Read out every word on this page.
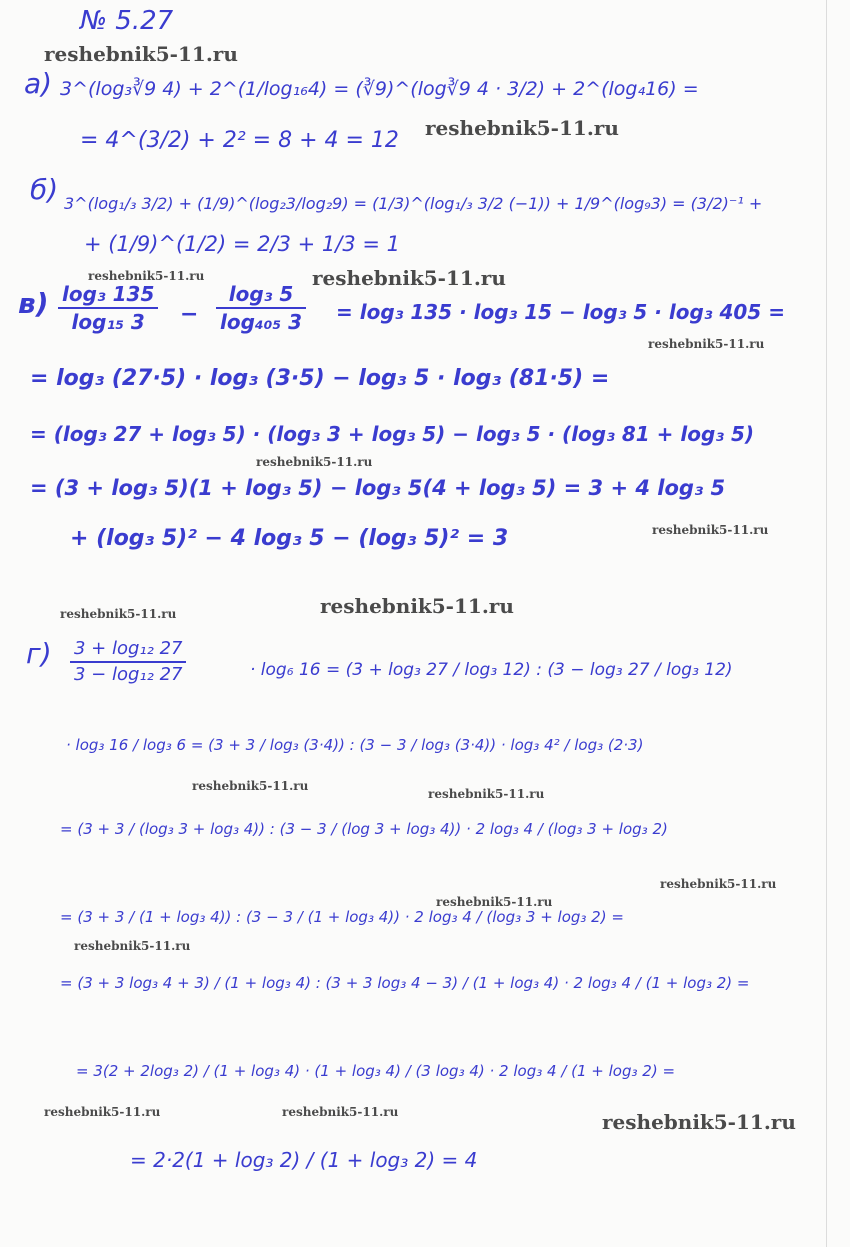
№ 5.27
reshebnik5-11.ru
reshebnik5-11.ru
reshebnik5-11.ru	reshebnik5-11.ru
reshebnik5-11.ru
reshebnik5-11.ru
reshebnik5-11.ru
reshebnik5-11.ru	reshebnik5-11.ru
reshebnik5-11.ru
reshebnik5-11.ru
reshebnik5-11.ru
reshebnik5-11.ru
reshebnik5-11.ru
reshebnik5-11.ru	reshebnik5-11.ru	reshebnik5-11.ru
а) 3^(log₃∛9 4) + 2^(1/log₁₆4) = (∛9)^(log∛9 4 · 3/2) + 2^(log₄16) =
= 4^(3/2) + 2² = 8 + 4 = 12
б) 3^(log₁/₃ 3/2) + (1/9)^(log₂3/log₂9) = (1/3)^(log₁/₃ 3/2 (−1)) + 1/9^(log₉3) = (3/2)⁻¹ +
+ (1/9)^(1/2) = 2/3 + 1/3 = 1
в) log₃ 135
log₁₅ 3	−
log₃ 5
log₄₀₅ 3 = log₃ 135 · log₃ 15 − log₃ 5 · log₃ 405 =
= log₃ (27·5) · log₃ (3·5) − log₃ 5 · log₃ (81·5) =
= (log₃ 27 + log₃ 5) · (log₃ 3 + log₃ 5) − log₃ 5 · (log₃ 81 + log₃ 5)
= (3 + log₃ 5)(1 + log₃ 5) − log₃ 5(4 + log₃ 5) = 3 + 4 log₃ 5
+ (log₃ 5)² − 4 log₃ 5 − (log₃ 5)² = 3
г) 3 + log₁₂ 27
3 − log₁₂ 27	· log₆ 16 = (3 + log₃ 27 / log₃ 12) : (3 − log₃ 27 / log₃ 12)
· log₃ 16 / log₃ 6 = (3 + 3 / log₃ (3·4)) : (3 − 3 / log₃ (3·4)) · log₃ 4² / log₃ (2·3)
= (3 + 3 / (log₃ 3 + log₃ 4)) : (3 − 3 / (log 3 + log₃ 4)) · 2 log₃ 4 / (log₃ 3 + log₃ 2)
= (3 + 3 / (1 + log₃ 4)) : (3 − 3 / (1 + log₃ 4)) · 2 log₃ 4 / (log₃ 3 + log₃ 2) =
= (3 + 3 log₃ 4 + 3) / (1 + log₃ 4) : (3 + 3 log₃ 4 − 3) / (1 + log₃ 4) · 2 log₃ 4 / (1 + log₃ 2) =
= 3(2 + 2log₃ 2) / (1 + log₃ 4) · (1 + log₃ 4) / (3 log₃ 4) · 2 log₃ 4 / (1 + log₃ 2) =
= 2·2(1 + log₃ 2) / (1 + log₃ 2) = 4
